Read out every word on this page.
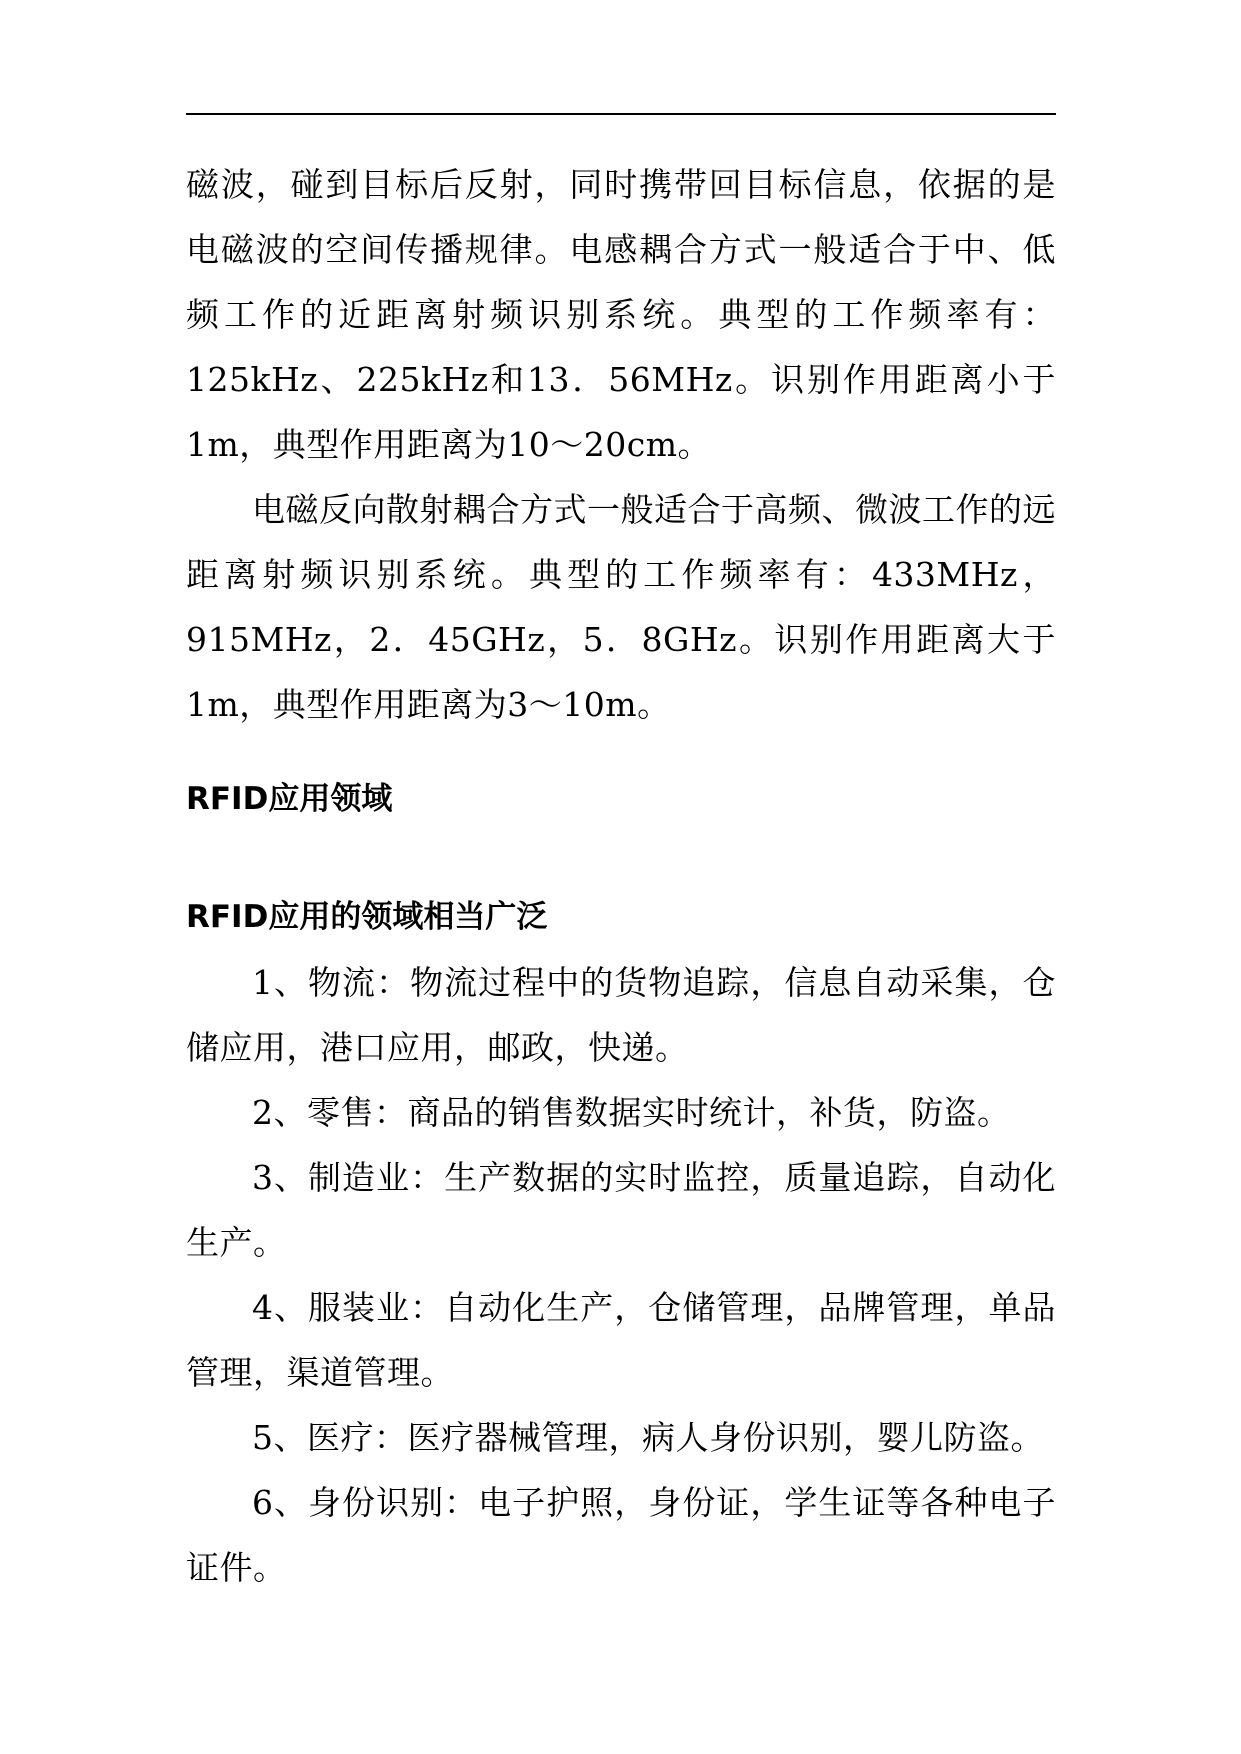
磁波，碰到目标后反射，同时携带回目标信息，依据的是电磁波的空间传播规律。电感耦合方式一般适合于中、低频工作的近距离射频识别系统。典型的工作频率有：125kHz、225kHz和13．56MHz。识别作用距离小于1m，典型作用距离为10～20cm。

电磁反向散射耦合方式一般适合于高频、微波工作的远距离射频识别系统。典型的工作频率有：433MHz，915MHz，2．45GHz，5．8GHz。识别作用距离大于1m，典型作用距离为3～10m。

RFID应用领域
RFID应用的领域相当广泛

1、物流：物流过程中的货物追踪，信息自动采集，仓储应用，港口应用，邮政，快递。

2、零售：商品的销售数据实时统计，补货，防盗。

3、制造业：生产数据的实时监控，质量追踪，自动化生产。

4、服装业：自动化生产，仓储管理，品牌管理，单品管理，渠道管理。

5、医疗：医疗器械管理，病人身份识别，婴儿防盗。

6、身份识别：电子护照，身份证，学生证等各种电子证件。
